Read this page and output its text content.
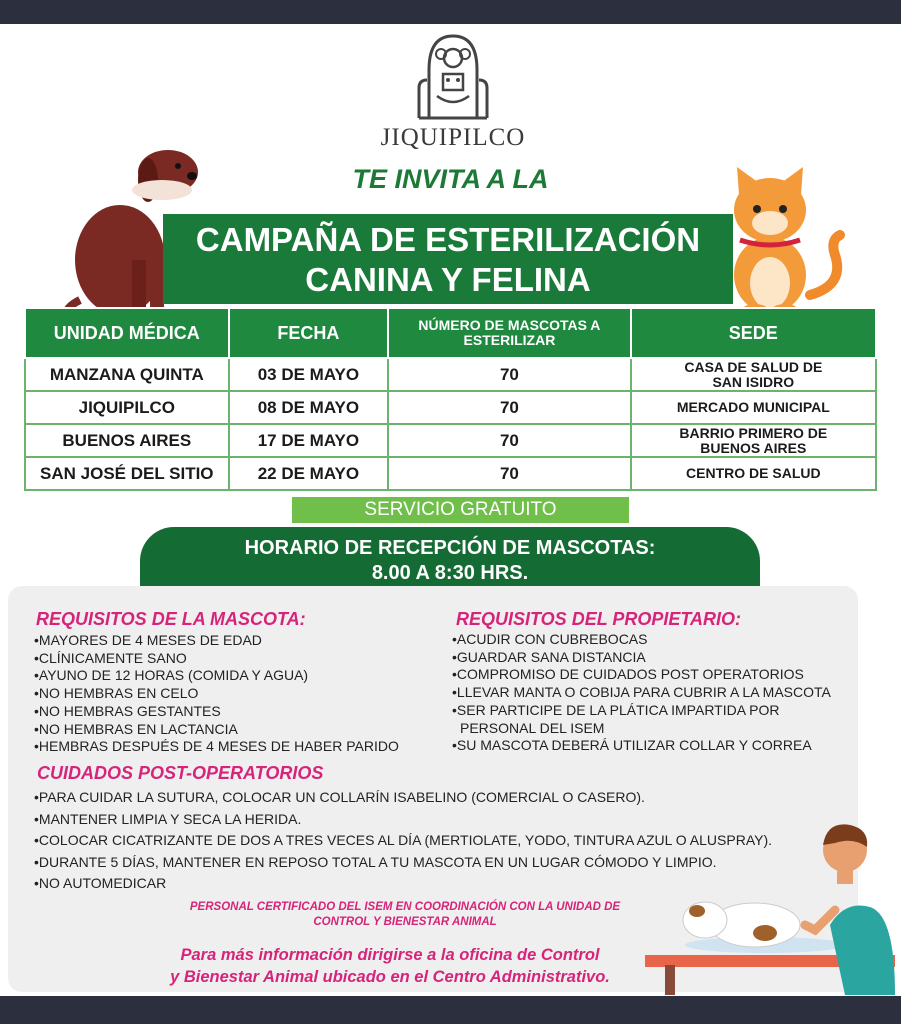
JIQUIPILCO
TE INVITA A LA
CAMPAÑA DE ESTERILIZACIÓN
CANINA Y FELINA
UNIDAD MÉDICA	FECHA	NÚMERO DE MASCOTAS A
ESTERILIZAR	SEDE
MANZANA QUINTA	03 DE MAYO	70	CASA DE SALUD DE
SAN ISIDRO
JIQUIPILCO	08 DE MAYO	70	MERCADO MUNICIPAL
BUENOS AIRES	17 DE MAYO	70	BARRIO PRIMERO DE
BUENOS AIRES
SAN JOSÉ DEL SITIO	22 DE MAYO	70	CENTRO DE SALUD
SERVICIO GRATUITO
HORARIO DE RECEPCIÓN DE MASCOTAS:
8.00 A 8:30 HRS.
REQUISITOS DE LA MASCOTA:
• MAYORES DE 4 MESES DE EDAD
• CLÍNICAMENTE SANO
• AYUNO DE 12 HORAS (COMIDA Y AGUA)
• NO HEMBRAS EN CELO
• NO HEMBRAS GESTANTES
• NO HEMBRAS EN LACTANCIA
• HEMBRAS DESPUÉS DE 4 MESES DE HABER PARIDO
REQUISITOS DEL PROPIETARIO:
• ACUDIR CON CUBREBOCAS
• GUARDAR SANA DISTANCIA
• COMPROMISO DE CUIDADOS POST OPERATORIOS
• LLEVAR MANTA O COBIJA PARA CUBRIR A LA MASCOTA
• SER PARTICIPE DE LA PLÁTICA IMPARTIDA POR PERSONAL DEL ISEM
• SU MASCOTA DEBERÁ UTILIZAR COLLAR Y CORREA
CUIDADOS POST-OPERATORIOS
• PARA CUIDAR LA SUTURA, COLOCAR UN COLLARÍN ISABELINO (COMERCIAL O CASERO).
• MANTENER LIMPIA Y SECA LA HERIDA.
• COLOCAR CICATRIZANTE DE DOS A TRES VECES AL DÍA (MERTIOLATE, YODO, TINTURA AZUL O ALUSPRAY).
• DURANTE 5 DÍAS, MANTENER EN REPOSO TOTAL A TU MASCOTA EN UN LUGAR CÓMODO Y LIMPIO.
• NO AUTOMEDICAR
PERSONAL CERTIFICADO DEL ISEM EN COORDINACIÓN CON LA UNIDAD DE
CONTROL Y BIENESTAR ANIMAL
Para más información dirigirse a la oficina de Control
y Bienestar Animal ubicado en el Centro Administrativo.
